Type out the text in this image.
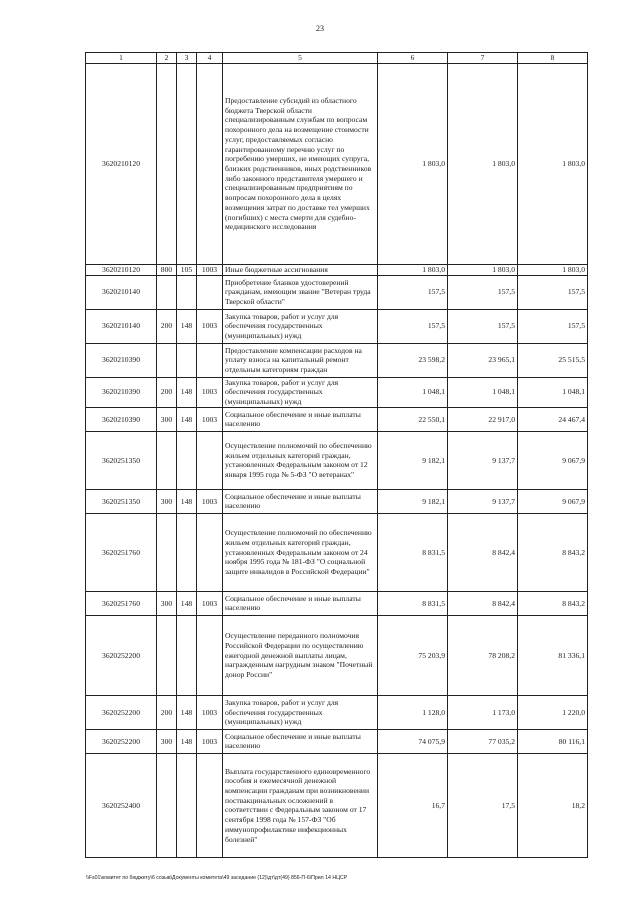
23
1	2	3	4	5	6	7	8
3620210120				Предоставление субсидий из областного бюджета Тверской области специализированным службам по вопросам похоронного дела на возмещение стоимости услуг, предоставляемых согласно гарантированному перечню услуг по погребению умерших, не имеющих супруга, близких родственников, иных родственников либо законного представителя умершего и специализированным предприятиям по вопросам похоронного дела в целях возмещения затрат по доставке тел умерших (погибших) с места смерти для судебно-медицинского исследования	1 803,0	1 803,0	1 803,0
3620210120	800	105	1003	Иные бюджетные ассигнования	1 803,0	1 803,0	1 803,0
3620210140				Приобретение бланков удостоверений гражданам, имеющим звание "Ветеран труда Тверской области"	157,5	157,5	157,5
3620210140	200	148	1003	Закупка товаров, работ и услуг для обеспечения государственных (муниципальных) нужд	157,5	157,5	157,5
3620210390				Предоставление компенсации расходов на уплату взноса на капитальный ремонт отдельным категориям граждан	23 598,2	23 965,1	25 515,5
3620210390	200	148	1003	Закупка товаров, работ и услуг для обеспечения государственных (муниципальных) нужд	1 048,1	1 048,1	1 048,1
3620210390	300	148	1003	Социальное обеспечение и иные выплаты населению	22 550,1	22 917,0	24 467,4
3620251350				Осуществление полномочий по обеспечению жильем отдельных категорий граждан, установленных Федеральным законом от 12 января 1995 года № 5-ФЗ "О ветеранах"	9 182,1	9 137,7	9 067,9
3620251350	300	148	1003	Социальное обеспечение и иные выплаты населению	9 182,1	9 137,7	9 067,9
3620251760				Осуществление полномочий по обеспечению жильем отдельных категорий граждан, установленных Федеральным законом от 24 ноября 1995 года № 181-ФЗ "О социальной защите инвалидов в Российской Федерации"	8 831,5	8 842,4	8 843,2
3620251760	300	148	1003	Социальное обеспечение и иные выплаты населению	8 831,5	8 842,4	8 843,2
3620252200				Осуществление переданного полномочия Российской Федерации по осуществлению ежегодной денежной выплаты лицам, награжденным нагрудным знаком "Почетный донор России"	75 203,9	78 208,2	81 336,1
3620252200	200	148	1003	Закупка товаров, работ и услуг для обеспечения государственных (муниципальных) нужд	1 128,0	1 173,0	1 220,0
3620252200	300	148	1003	Социальное обеспечение и иные выплаты населению	74 075,9	77 035,2	80 116,1
3620252400				Выплата государственного единовременного пособия и ежемесячной денежной компенсации гражданам при возникновении поствакцинальных осложнений в соответствии с Федеральным законом от 17 сентября 1998 года № 157-ФЗ "Об иммунопрофилактике инфекционных болезней"	16,7	17,5	18,2
\\Fs01\комитет по бюджету\6 созыв\Документы комитета\49 заседание (12)\дт\дт(49) 856-П-6\Прил 14 НЦСР
